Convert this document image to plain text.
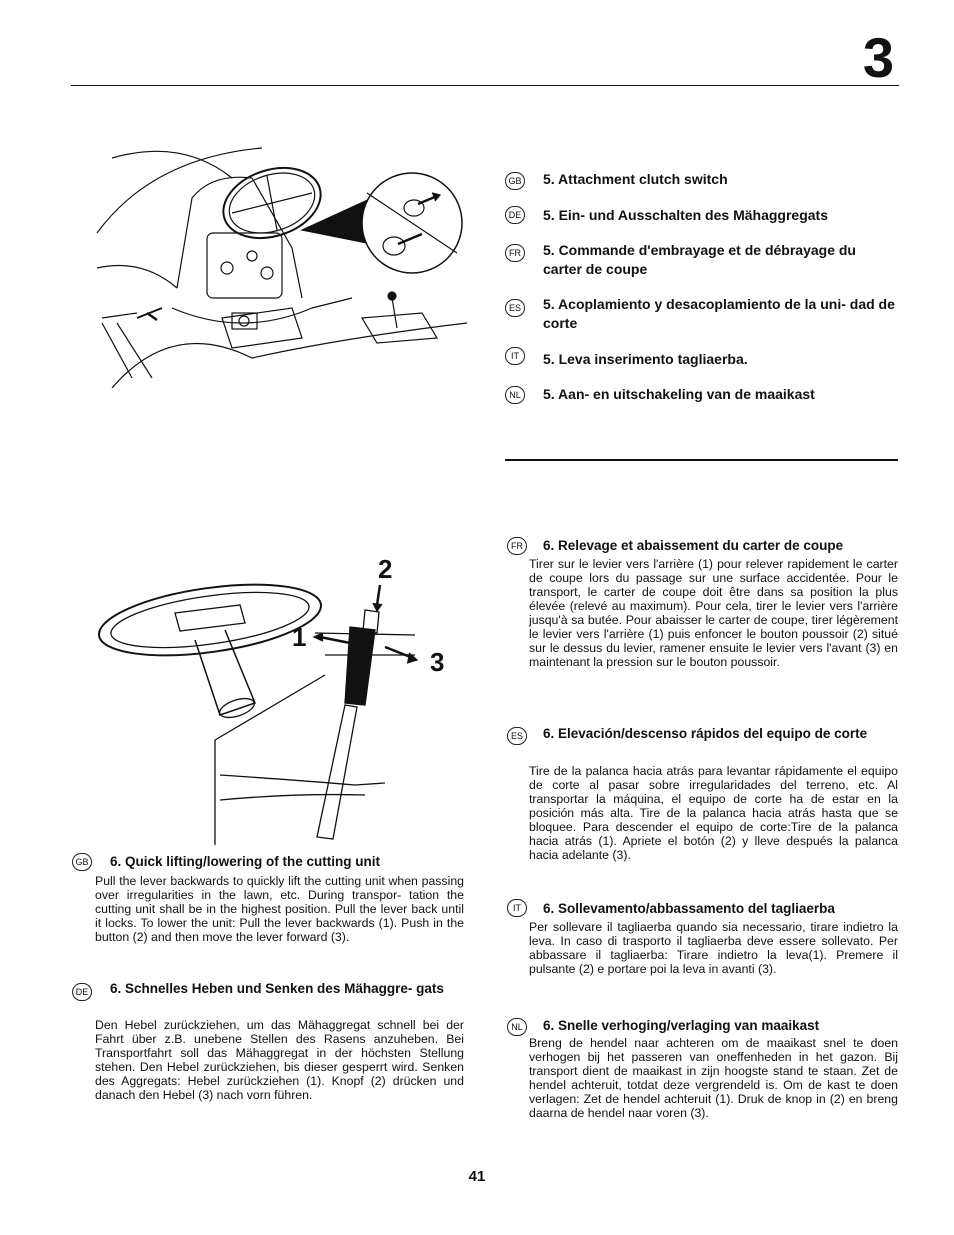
3
GB 5. Attachment clutch switch
DE 5. Ein- und Ausschalten des Mähaggregats
FR 5. Commande d'embrayage et de débrayage du carter de coupe
ES 5. Acoplamiento y desacoplamiento de la uni- dad de corte
IT	5. Leva inserimento tagliaerba.
NL	5. Aan- en uitschakeling van de maaikast
1
2
3
GB 6. Quick lifting/lowering of the cutting unit
Pull the lever backwards to quickly lift the cutting unit when passing over irregularities in the lawn, etc. During transpor- tation the cutting unit shall be in the highest position. Pull the lever back until it locks. To lower the unit: Pull the lever backwards (1). Push in the button (2) and then move the lever forward (3).
DE 6. Schnelles Heben und Senken des Mähaggre- gats
Den Hebel zurückziehen, um das Mähaggregat schnell bei der Fahrt über z.B. unebene Stellen des Rasens anzuheben. Bei Transportfahrt soll das Mähaggregat in der höchsten Stellung stehen. Den Hebel zurückziehen, bis dieser gesperrt wird. Senken des Aggregats: Hebel zurückziehen (1). Knopf (2) drücken und danach den Hebel (3) nach vorn führen.
FR 6. Relevage et abaissement du carter de coupe
Tirer sur le levier vers l'arrière (1) pour relever rapidement le carter de coupe lors du passage sur une surface accidentée. Pour le transport, le carter de coupe doit être dans sa position la plus élevée (relevé au maximum). Pour cela, tirer le levier vers l'arrière jusqu'à sa butée. Pour abaisser le carter de coupe, tirer légèrement le levier vers l'arrière (1) puis enfoncer le bouton poussoir (2) situé sur le dessus du levier, ramener ensuite le levier vers l'avant (3) en maintenant la pression sur le bouton poussoir.
ES 6. Elevación/descenso rápidos del equipo de corte
Tire de la palanca hacia atrás para levantar rápidamente el equipo de corte al pasar sobre irregularidades del terreno, etc. Al transportar la máquina, el equipo de corte ha de estar en la posición más alta. Tire de la palanca hacia atrás hasta que se bloquee. Para descender el equipo de corte:Tire de la palanca hacia atrás (1). Apriete el botón (2) y lleve después la palanca hacia adelante (3).
IT	6. Sollevamento/abbassamento del tagliaerba
Per sollevare il tagliaerba quando sia necessario, tirare indietro la leva. In caso di trasporto il tagliaerba deve essere sollevato. Per abbassare il tagliaerba: Tirare indietro la leva(1). Premere il pulsante (2) e portare poi la leva in avanti (3).
NL	6. Snelle verhoging/verlaging van maaikast
Breng de hendel naar achteren om de maaikast snel te doen verhogen bij het passeren van oneffenheden in het gazon. Bij transport dient de maaikast in zijn hoogste stand te staan. Zet de hendel achteruit, totdat deze vergrendeld is. Om de kast te doen verlagen: Zet de hendel achteruit (1). Druk de knop in (2) en breng daarna de hendel naar voren (3).
41
